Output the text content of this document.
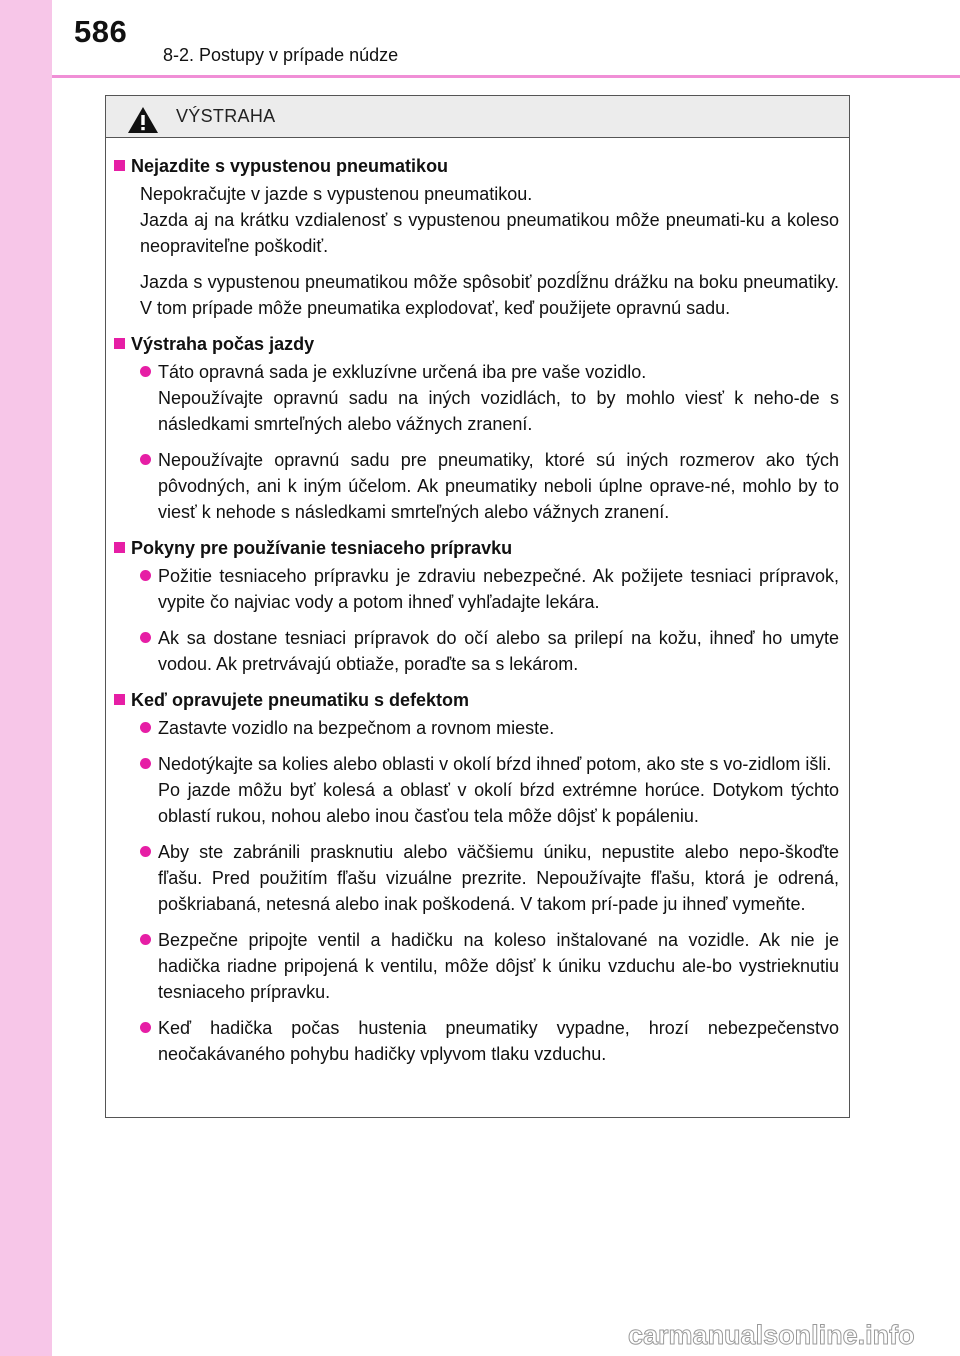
586
8-2. Postupy v prípade núdze
VÝSTRAHA
Nejazdite s vypustenou pneumatikou

Nepokračujte v jazde s vypustenou pneumatikou.

Jazda aj na krátku vzdialenosť s vypustenou pneumatikou môže pneumati-ku a koleso neopraviteľne poškodiť.

Jazda s vypustenou pneumatikou môže spôsobiť pozdĺžnu drážku na boku pneumatiky. V tom prípade môže pneumatika explodovať, keď použijete opravnú sadu.

Výstraha počas jazdy

Táto opravná sada je exkluzívne určená iba pre vaše vozidlo.

Nepoužívajte opravnú sadu na iných vozidlách, to by mohlo viesť k neho-de s následkami smrteľných alebo vážnych zranení.

Nepoužívajte opravnú sadu pre pneumatiky, ktoré sú iných rozmerov ako tých pôvodných, ani k iným účelom. Ak pneumatiky neboli úplne oprave-né, mohlo by to viesť k nehode s následkami smrteľných alebo vážnych zranení.

Pokyny pre používanie tesniaceho prípravku

Požitie tesniaceho prípravku je zdraviu nebezpečné. Ak požijete tesniaci prípravok, vypite čo najviac vody a potom ihneď vyhľadajte lekára.

Ak sa dostane tesniaci prípravok do očí alebo sa prilepí na kožu, ihneď ho umyte vodou. Ak pretrvávajú obtiaže, poraďte sa s lekárom.

Keď opravujete pneumatiku s defektom

Zastavte vozidlo na bezpečnom a rovnom mieste.

Nedotýkajte sa kolies alebo oblasti v okolí bŕzd ihneď potom, ako ste s vo-zidlom išli.

Po jazde môžu byť kolesá a oblasť v okolí bŕzd extrémne horúce. Dotykom týchto oblastí rukou, nohou alebo inou časťou tela môže dôjsť k popáleniu.

Aby ste zabránili prasknutiu alebo väčšiemu úniku, nepustite alebo nepo-škoďte fľašu. Pred použitím fľašu vizuálne prezrite. Nepoužívajte fľašu, ktorá je odrená, poškriabaná, netesná alebo inak poškodená. V takom prí-pade ju ihneď vymeňte.

Bezpečne pripojte ventil a hadičku na koleso inštalované na vozidle. Ak nie je hadička riadne pripojená k ventilu, môže dôjsť k úniku vzduchu ale-bo vystrieknutiu tesniaceho prípravku.

Keď hadička počas hustenia pneumatiky vypadne, hrozí nebezpečenstvo neočakávaného pohybu hadičky vplyvom tlaku vzduchu.

carmanualsonline.info
